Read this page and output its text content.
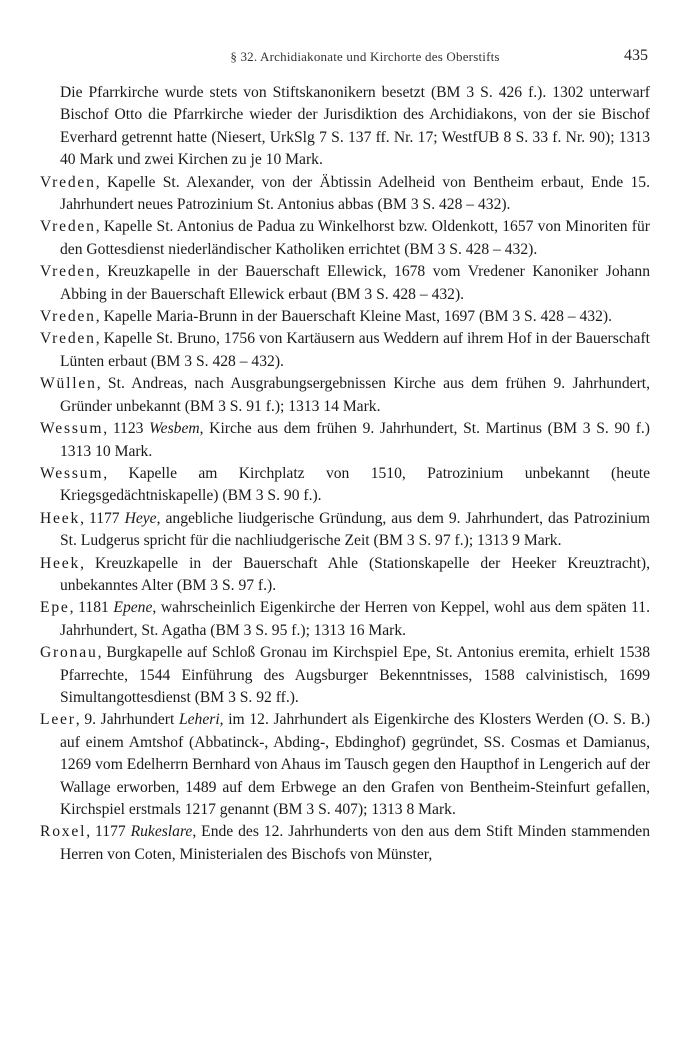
§ 32. Archidiakonate und Kirchorte des Oberstifts	435

Die Pfarrkirche wurde stets von Stiftskanonikern besetzt (BM 3 S. 426 f.). 1302 unterwarf Bischof Otto die Pfarrkirche wieder der Jurisdiktion des Archidiakons, von der sie Bischof Everhard getrennt hatte (Niesert, UrkSlg 7 S. 137 ff. Nr. 17; WestfUB 8 S. 33 f. Nr. 90); 1313 40 Mark und zwei Kirchen zu je 10 Mark.

Vreden, Kapelle St. Alexander, von der Äbtissin Adelheid von Bentheim erbaut, Ende 15. Jahrhundert neues Patrozinium St. Antonius abbas (BM 3 S. 428 – 432).

Vreden, Kapelle St. Antonius de Padua zu Winkelhorst bzw. Oldenkott, 1657 von Minoriten für den Gottesdienst niederländischer Katholiken errichtet (BM 3 S. 428 – 432).

Vreden, Kreuzkapelle in der Bauerschaft Ellewick, 1678 vom Vredener Kanoniker Johann Abbing in der Bauerschaft Ellewick erbaut (BM 3 S. 428 – 432).

Vreden, Kapelle Maria-Brunn in der Bauerschaft Kleine Mast, 1697 (BM 3 S. 428 – 432).

Vreden, Kapelle St. Bruno, 1756 von Kartäusern aus Weddern auf ihrem Hof in der Bauerschaft Lünten erbaut (BM 3 S. 428 – 432).

Wüllen, St. Andreas, nach Ausgrabungsergebnissen Kirche aus dem frühen 9. Jahrhundert, Gründer unbekannt (BM 3 S. 91 f.); 1313 14 Mark.

Wessum, 1123 Wesbem, Kirche aus dem frühen 9. Jahrhundert, St. Martinus (BM 3 S. 90 f.) 1313 10 Mark.

Wessum, Kapelle am Kirchplatz von 1510, Patrozinium unbekannt (heute Kriegsgedächtniskapelle) (BM 3 S. 90 f.).

Heek, 1177 Heye, angebliche liudgerische Gründung, aus dem 9. Jahrhundert, das Patrozinium St. Ludgerus spricht für die nachliudgerische Zeit (BM 3 S. 97 f.); 1313 9 Mark.

Heek, Kreuzkapelle in der Bauerschaft Ahle (Stationskapelle der Heeker Kreuztracht), unbekanntes Alter (BM 3 S. 97 f.).

Epe, 1181 Epene, wahrscheinlich Eigenkirche der Herren von Keppel, wohl aus dem späten 11. Jahrhundert, St. Agatha (BM 3 S. 95 f.); 1313 16 Mark.

Gronau, Burgkapelle auf Schloß Gronau im Kirchspiel Epe, St. Antonius eremita, erhielt 1538 Pfarrechte, 1544 Einführung des Augsburger Bekenntnisses, 1588 calvinistisch, 1699 Simultangottesdienst (BM 3 S. 92 ff.).

Leer, 9. Jahrhundert Leheri, im 12. Jahrhundert als Eigenkirche des Klosters Werden (O. S. B.) auf einem Amtshof (Abbatinck-, Abding-, Ebdinghof) gegründet, SS. Cosmas et Damianus, 1269 vom Edelherrn Bernhard von Ahaus im Tausch gegen den Haupthof in Lengerich auf der Wallage erworben, 1489 auf dem Erbwege an den Grafen von Bentheim-Steinfurt gefallen, Kirchspiel erstmals 1217 genannt (BM 3 S. 407); 1313 8 Mark.

Roxel, 1177 Rukeslare, Ende des 12. Jahrhunderts von den aus dem Stift Minden stammenden Herren von Coten, Ministerialen des Bischofs von Münster,
